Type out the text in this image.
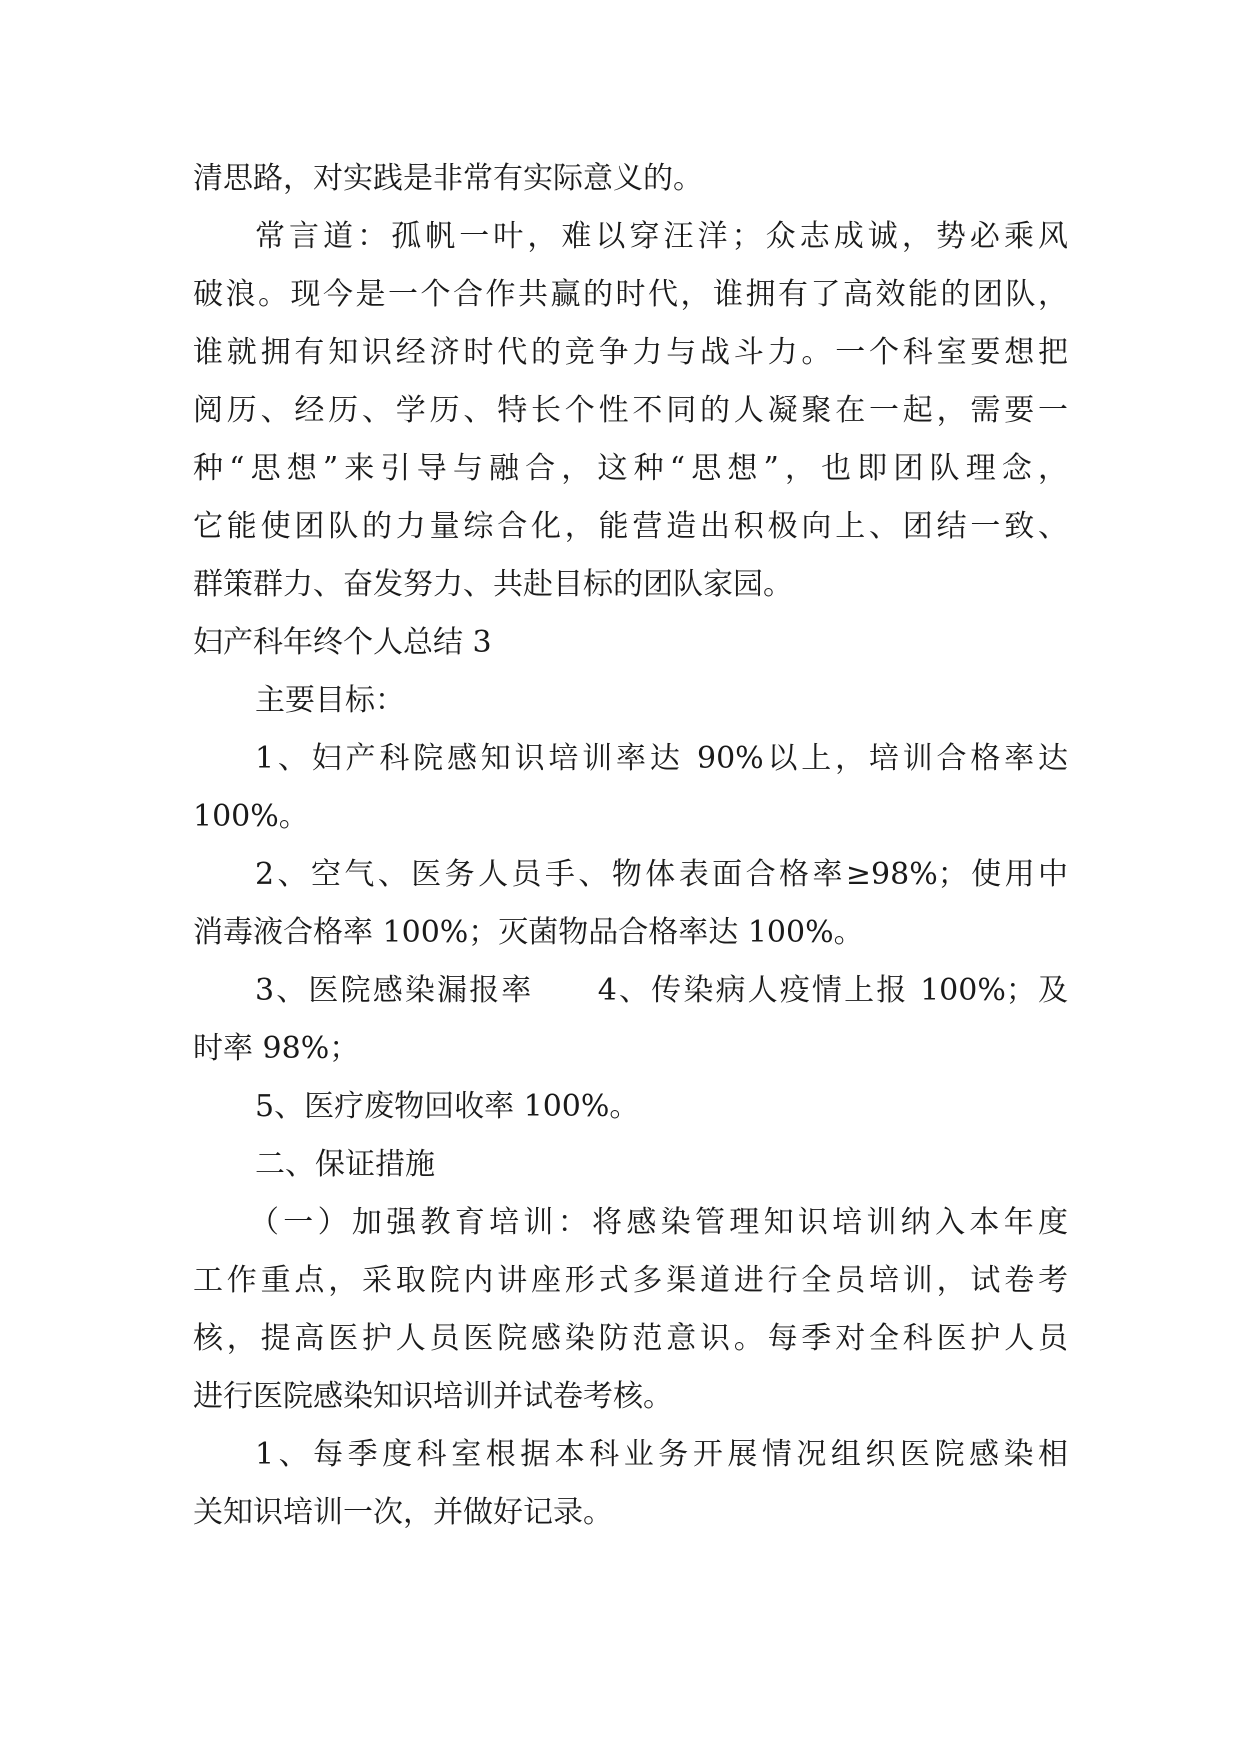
清思路，对实践是非常有实际意义的。
常言道：孤帆一叶，难以穿汪洋；众志成诚，势必乘风
破浪。现今是一个合作共赢的时代，谁拥有了高效能的团队，
谁就拥有知识经济时代的竞争力与战斗力。一个科室要想把
阅历、经历、学历、特长个性不同的人凝聚在一起，需要一
种“思想”来引导与融合，这种“思想”，也即团队理念，
它能使团队的力量综合化，能营造出积极向上、团结一致、
群策群力、奋发努力、共赴目标的团队家园。
妇产科年终个人总结 3
主要目标：
1、妇产科院感知识培训率达 90%以上，培训合格率达
100%。
2、空气、医务人员手、物体表面合格率≥98%；使用中
消毒液合格率 100%；灭菌物品合格率达 100%。
3、医院感染漏报率　　4、传染病人疫情上报 100%；及
时率 98%；
5、医疗废物回收率 100%。
二、保证措施
（一）加强教育培训：将感染管理知识培训纳入本年度
工作重点，采取院内讲座形式多渠道进行全员培训，试卷考
核，提高医护人员医院感染防范意识。每季对全科医护人员
进行医院感染知识培训并试卷考核。
1、每季度科室根据本科业务开展情况组织医院感染相
关知识培训一次，并做好记录。
